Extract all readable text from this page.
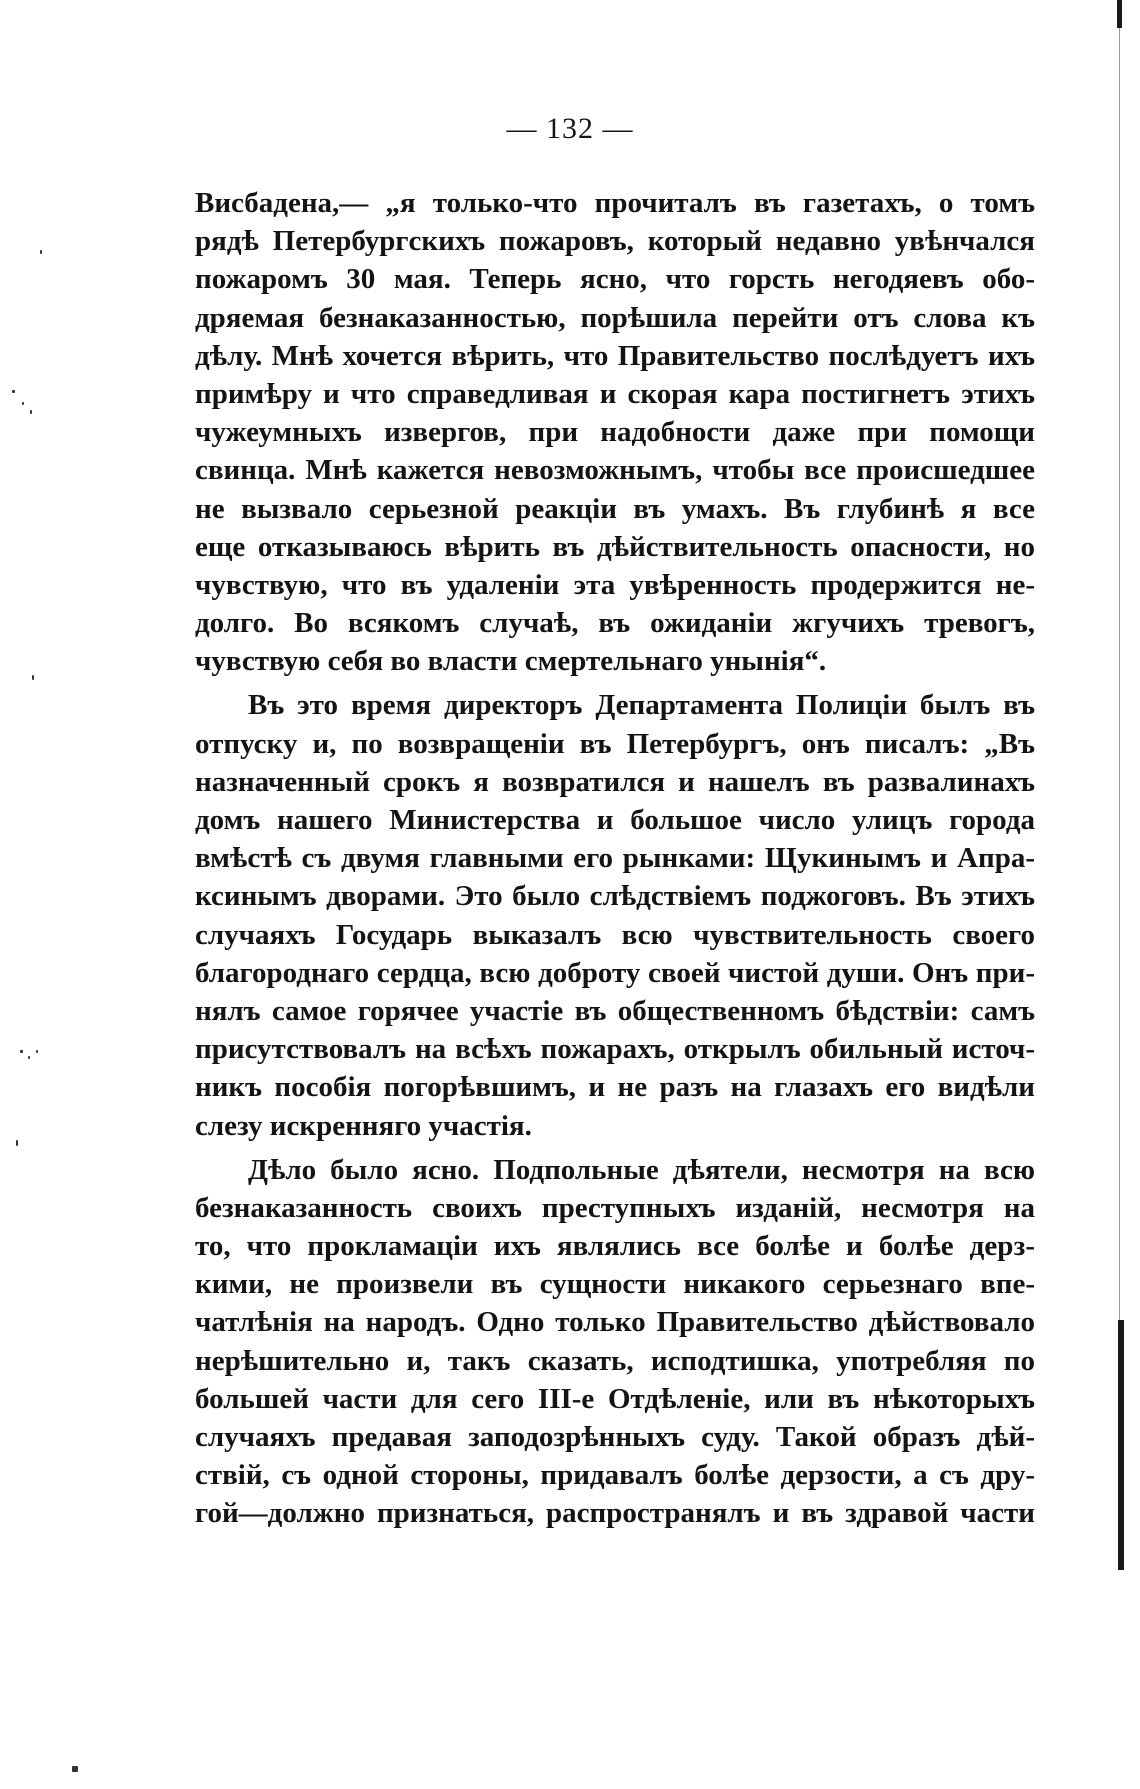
— 132 —
Висбадена,— „я только-что прочиталъ въ газетахъ, о томъ
рядѣ Петербургскихъ пожаровъ, который недавно увѣнчался
пожаромъ 30 мая. Теперь ясно, что горсть негодяевъ обо-
дряемая безнаказанностью, порѣшила перейти отъ слова къ
дѣлу. Мнѣ хочется вѣрить, что Правительство послѣдуетъ ихъ
примѣру и что справедливая и скорая кара постигнетъ этихъ
чужеумныхъ извергов, при надобности даже при помощи
свинца. Мнѣ кажется невозможнымъ, чтобы все происшедшее
не вызвало серьезной реакціи въ умахъ. Въ глубинѣ я все
еще отказываюсь вѣрить въ дѣйствительность опасности, но
чувствую, что въ удаленіи эта увѣренность продержится не-
долго. Во всякомъ случаѣ, въ ожиданіи жгучихъ тревогъ,
чувствую себя во власти смертельнаго унынія“.
Въ это время директоръ Департамента Полиціи былъ въ
отпуску и, по возвращеніи въ Петербургъ, онъ писалъ: „Въ
назначенный срокъ я возвратился и нашелъ въ развалинахъ
домъ нашего Министерства и большое число улицъ города
вмѣстѣ съ двумя главными его рынками: Щукинымъ и Апра-
ксинымъ дворами. Это было слѣдствіемъ поджоговъ. Въ этихъ
случаяхъ Государь выказалъ всю чувствительность своего
благороднаго сердца, всю доброту своей чистой души. Онъ при-
нялъ самое горячее участіе въ общественномъ бѣдствіи: самъ
присутствовалъ на всѣхъ пожарахъ, открылъ обильный источ-
никъ пособія погорѣвшимъ, и не разъ на глазахъ его видѣли
слезу искренняго участія.
Дѣло было ясно. Подпольные дѣятели, несмотря на всю
безнаказанность своихъ преступныхъ изданій, несмотря на
то, что прокламаціи ихъ являлись все болѣе и болѣе дерз-
кими, не произвели въ сущности никакого серьезнаго впе-
чатлѣнія на народъ. Одно только Правительство дѣйствовало
нерѣшительно и, такъ сказать, исподтишка, употребляя по
большей части для сего III-е Отдѣленіе, или въ нѣкоторыхъ
случаяхъ предавая заподозрѣнныхъ суду. Такой образъ дѣй-
ствій, съ одной стороны, придавалъ болѣе дерзости, а съ дру-
гой—должно признаться, распространялъ и въ здравой части
